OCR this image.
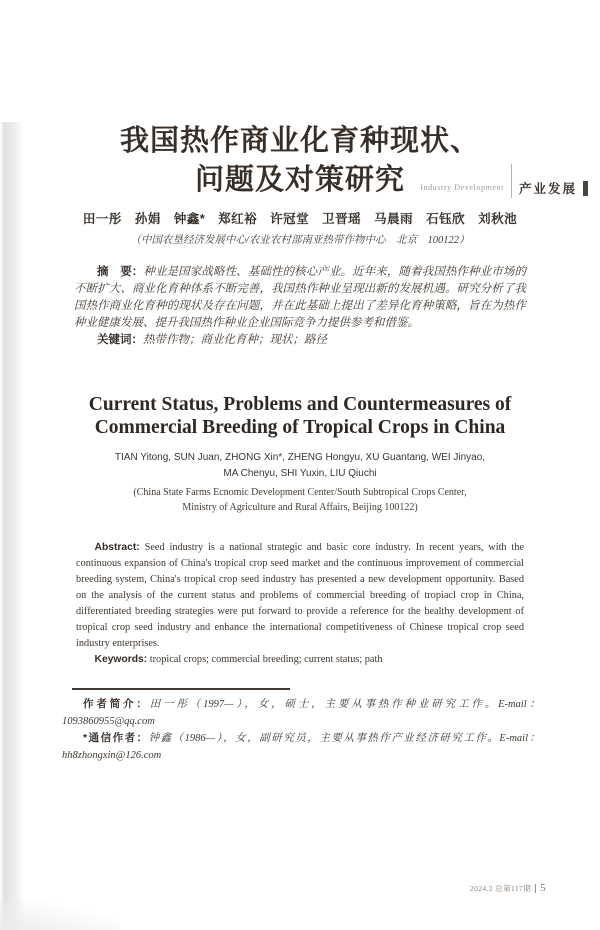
Industry Development 产业发展
我国热作商业化育种现状、
问题及对策研究
田一彤　孙娟　钟鑫*　郑红裕　许冠堂　卫晋瑶　马晨雨　石钰欣　刘秋池
（中国农垦经济发展中心/农业农村部南亚热带作物中心　北京　100122）

摘　要：种业是国家战略性、基础性的核心产业。近年来，随着我国热作种业市场的不断扩大、商业化育种体系不断完善，我国热作种业呈现出新的发展机遇。研究分析了我国热作商业化育种的现状及存在问题，并在此基础上提出了差异化育种策略，旨在为热作种业健康发展、提升我国热作种业企业国际竞争力提供参考和借鉴。

关键词：热带作物；商业化育种；现状；路径

Current Status, Problems and Countermeasures of Commercial Breeding of Tropical Crops in China
TIAN Yitong, SUN Juan, ZHONG Xin*, ZHENG Hongyu, XU Guantang, WEI Jinyao,
MA Chenyu, SHI Yuxin, LIU Qiuchi
(China State Farms Ecnomic Development Center/South Subtropical Crops Center,
Ministry of Agriculture and Rural Affairs, Beijing 100122)

Abstract: Seed industry is a national strategic and basic core industry. In recent years, with the continuous expansion of China's tropical crop seed market and the continuous improvement of commercial breeding system, China's tropical crop seed industry has presented a new development opportunity. Based on the analysis of the current status and problems of commercial breeding of tropiacl crop in China, differentiated breeding strategies were put forward to provide a reference for the healthy development of tropical crop seed industry and enhance the international competitiveness of Chinese tropical crop seed industry enterprises.

Keywords: tropical crops; commercial breeding; current status; path

作者简介：田一彤（1997—），女，硕士，主要从事热作种业研究工作。E-mail：1093860955@qq.com

*通信作者：钟鑫（1986—），女，副研究员，主要从事热作产业经济研究工作。E-mail：hh8zhongxin@126.com

2024.2 总第117期 5
